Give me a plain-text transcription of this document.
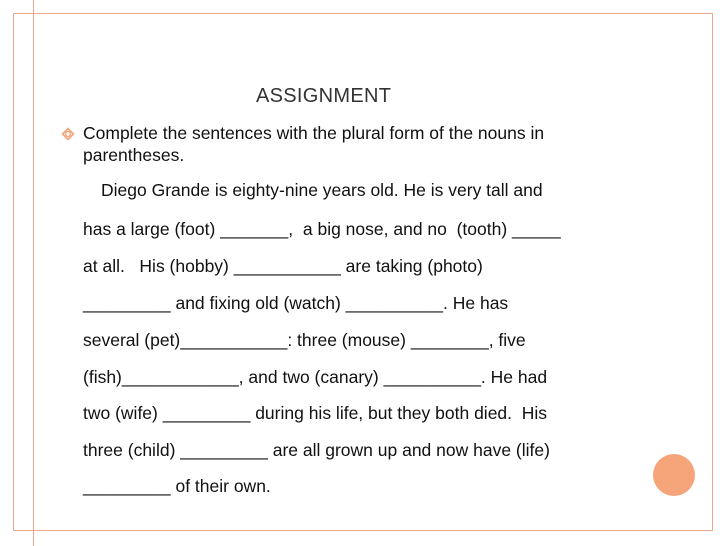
ASSIGNMENT

Complete the sentences with the plural form of the nouns in parentheses.

Diego Grande is eighty-nine years old. He is very tall and

has a large (foot) _______,  a big nose, and no  (tooth) _____

at all.   His (hobby) ___________ are taking (photo)

_________ and fixing old (watch) __________. He has

several (pet)___________: three (mouse) ________, five

(fish)____________, and two (canary) __________. He had

two (wife) _________ during his life, but they both died.  His

three (child) _________ are all grown up and now have (life)

_________ of their own.
